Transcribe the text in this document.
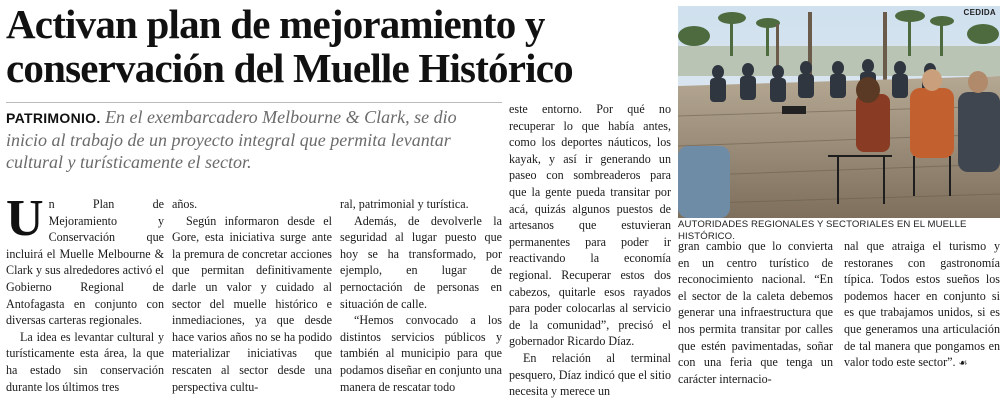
Activan plan de mejoramiento y conservación del Muelle Histórico

PATRIMONIO. En el exembarcadero Melbourne & Clark, se dio inicio al trabajo de un proyecto integral que permita levantar cultural y turísticamente el sector.

CEDIDA

AUTORIDADES REGIONALES Y SECTORIALES EN EL MUELLE HISTÓRICO.

Un Plan de Mejoramiento y Conservación que incluirá el Muelle Melbourne & Clark y sus alrededores activó el Gobierno Regional de Antofagasta en conjunto con diversas carteras regionales.

La idea es levantar cultural y turísticamente esta área, la que ha estado sin conservación durante los últimos tres

años.

Según informaron desde el Gore, esta iniciativa surge ante la premura de concretar acciones que permitan definitivamente darle un valor y cuidado al sector del muelle histórico e inmediaciones, ya que desde hace varios años no se ha podido materializar iniciativas que rescaten al sector desde una perspectiva cultu-

ral, patrimonial y turística.

Además, de devolverle la seguridad al lugar puesto que hoy se ha transformado, por ejemplo, en lugar de pernoctación de personas en situación de calle.

“Hemos convocado a los distintos servicios públicos y también al municipio para que podamos diseñar en conjunto una manera de rescatar todo

este entorno. Por qué no recuperar lo que había antes, como los deportes náuticos, los kayak, y así ir generando un paseo con sombreaderos para que la gente pueda transitar por acá, quizás algunos puestos de artesanos que estuvieran permanentes para poder ir reactivando la economía regional. Recuperar estos dos cabezos, quitarle esos rayados para poder colocarlas al servicio de la comunidad”, precisó el gobernador Ricardo Díaz.

En relación al terminal pesquero, Díaz indicó que el sitio necesita y merece un

gran cambio que lo convierta en un centro turístico de reconocimiento nacional. “En el sector de la caleta debemos generar una infraestructura que nos permita transitar por calles que estén pavimentadas, soñar con una feria que tenga un carácter internacio-

nal que atraiga el turismo y restoranes con gastronomía típica. Todos estos sueños los podemos hacer en conjunto si es que trabajamos unidos, si es que generamos una articulación de tal manera que pongamos en valor todo este sector”. ☙
